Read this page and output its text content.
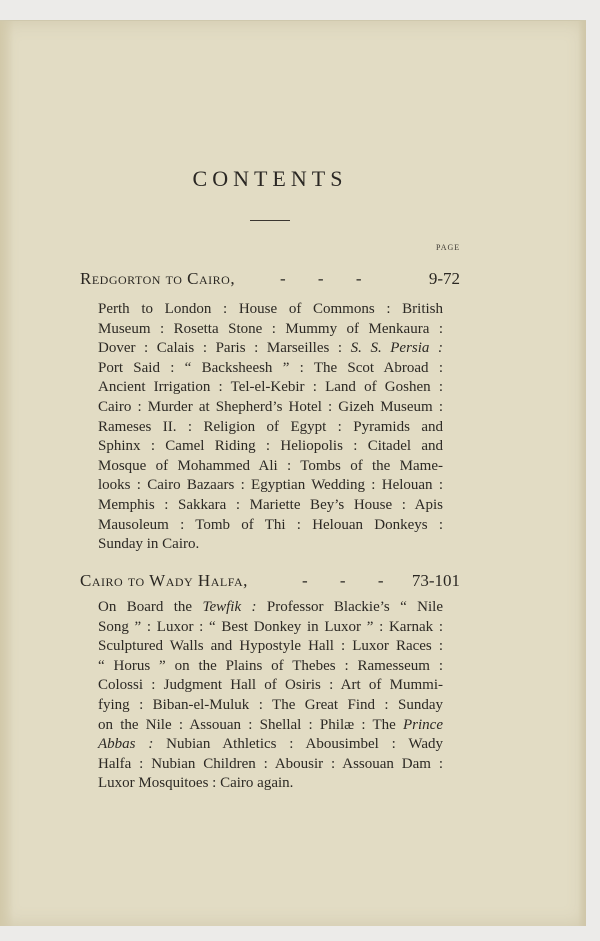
CONTENTS
PAGE
Redgorton to Cairo,	- - -	9-72
Perth to London : House of Commons : British
Museum : Rosetta Stone : Mummy of Menkaura :
Dover : Calais : Paris : Marseilles : S. S. Persia :
Port Said : “ Backsheesh ” : The Scot Abroad :
Ancient Irrigation : Tel-el-Kebir : Land of Goshen :
Cairo : Murder at Shepherd’s Hotel : Gizeh Museum :
Rameses II. : Religion of Egypt : Pyramids and
Sphinx : Camel Riding : Heliopolis : Citadel and
Mosque of Mohammed Ali : Tombs of the Mame-
looks : Cairo Bazaars : Egyptian Wedding : Helouan :
Memphis : Sakkara : Mariette Bey’s House : Apis
Mausoleum : Tomb of Thi : Helouan Donkeys :
Sunday in Cairo.
Cairo to Wady Halfa,	- - - 73-101
On Board the Tewfik : Professor Blackie’s “ Nile
Song ” : Luxor : “ Best Donkey in Luxor ” : Karnak :
Sculptured Walls and Hypostyle Hall : Luxor Races :
“ Horus ” on the Plains of Thebes : Ramesseum :
Colossi : Judgment Hall of Osiris : Art of Mummi-
fying : Biban-el-Muluk : The Great Find : Sunday
on the Nile : Assouan : Shellal : Philæ : The Prince
Abbas : Nubian Athletics : Abousimbel : Wady
Halfa : Nubian Children : Abousir : Assouan Dam :
Luxor Mosquitoes : Cairo again.
